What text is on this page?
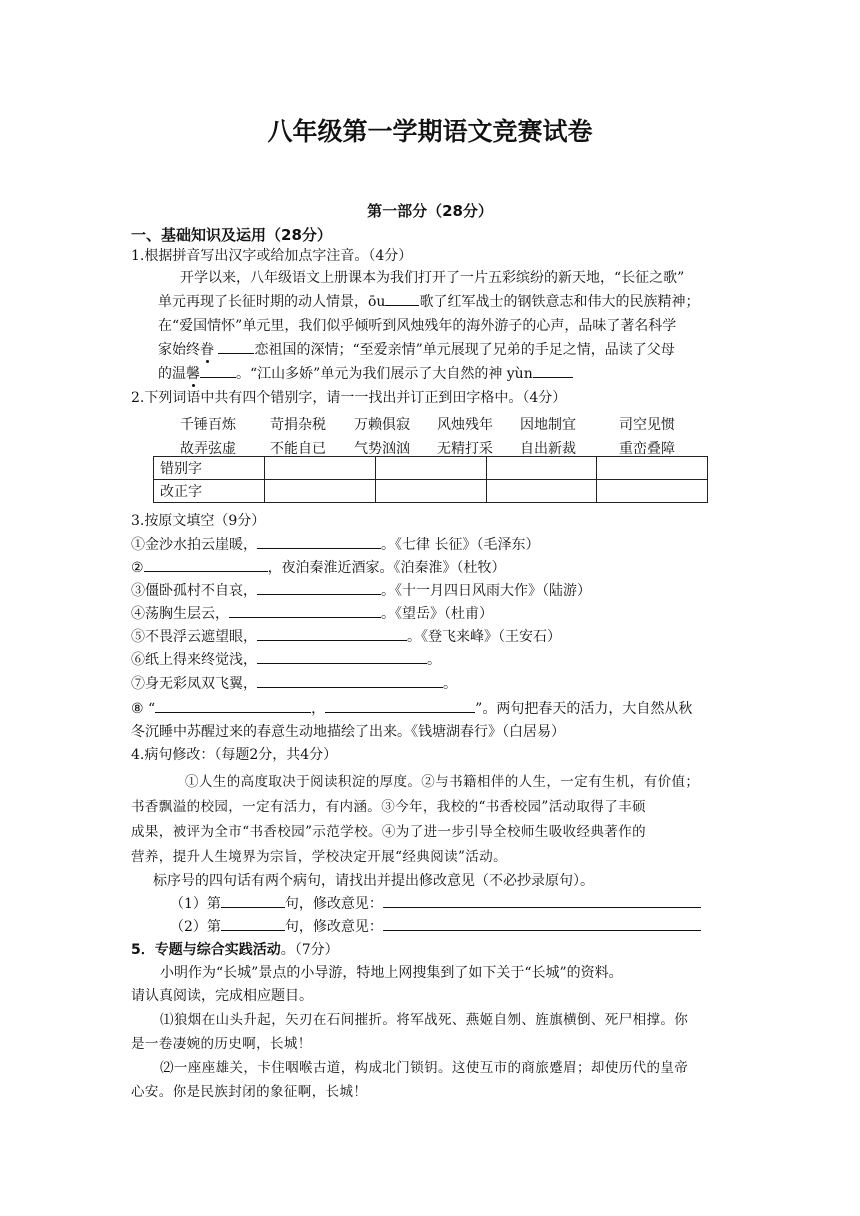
八年级第一学期语文竞赛试卷
第一部分（28分）
一、基础知识及运用（28分）
1.根据拼音写出汉字或给加点字注音。（4分）
开学以来，八年级语文上册课本为我们打开了一片五彩缤纷的新天地，“长征之歌”
单元再现了长征时期的动人情景，ōu 歌了红军战士的钢铁意志和伟大的民族精神；
在“爱国情怀”单元里，我们似乎倾听到风烛残年的海外游子的心声，品味了著名科学
家始终眷	恋祖国的深情；“至爱亲情”单元展现了兄弟的手足之情，品读了父母
的温馨	。“江山多娇”单元为我们展示了大自然的神 yùn
2.下列词语中共有四个错别字，请一一找出并订正到田字格中。（4分）
千锤百炼 苛捐杂税 万赖俱寂 风烛残年 因地制宜	司空见惯
故弄弦虚 不能自已 气势汹汹 无精打采 自出新裁	重峦叠障
错别字				
改正字				
3.按原文填空（9分）
①金沙水拍云崖暖，	。《七律 长征》（毛泽东）
②	，夜泊秦淮近酒家。《泊秦淮》（杜牧）
③僵卧孤村不自哀，	。《十一月四日风雨大作》（陆游）
④荡胸生层云，	。《望岳》（杜甫）
⑤不畏浮云遮望眼，	。《登飞来峰》（王安石）
⑥纸上得来终觉浅，	。
⑦身无彩凤双飞翼，	。
⑧ “	，	”。两句把春天的活力，大自然从秋
冬沉睡中苏醒过来的春意生动地描绘了出来。《钱塘湖春行》（白居易）
4.病句修改：（每题2分，共4分）
①人生的高度取决于阅读积淀的厚度。②与书籍相伴的人生，一定有生机，有价值；
书香飘溢的校园，一定有活力，有内涵。③今年，我校的“书香校园”活动取得了丰硕
成果，被评为全市“书香校园”示范学校。④为了进一步引导全校师生吸收经典著作的
营养，提升人生境界为宗旨，学校决定开展“经典阅读”活动。
标序号的四句话有两个病句，请找出并提出修改意见（不必抄录原句）。
（1）第	句，修改意见：
（2）第	句，修改意见：
5．专题与综合实践活动。（7分）
小明作为“长城”景点的小导游，特地上网搜集到了如下关于“长城”的资料。
请认真阅读，完成相应题目。
⑴狼烟在山头升起，矢刃在石间摧折。将军战死、燕姬自刎、旌旗横倒、死尸相撑。你
是一卷凄婉的历史啊，长城！
⑵一座座雄关，卡住咽喉古道，构成北门锁钥。这使互市的商旅蹙眉；却使历代的皇帝
心安。你是民族封闭的象征啊，长城！
